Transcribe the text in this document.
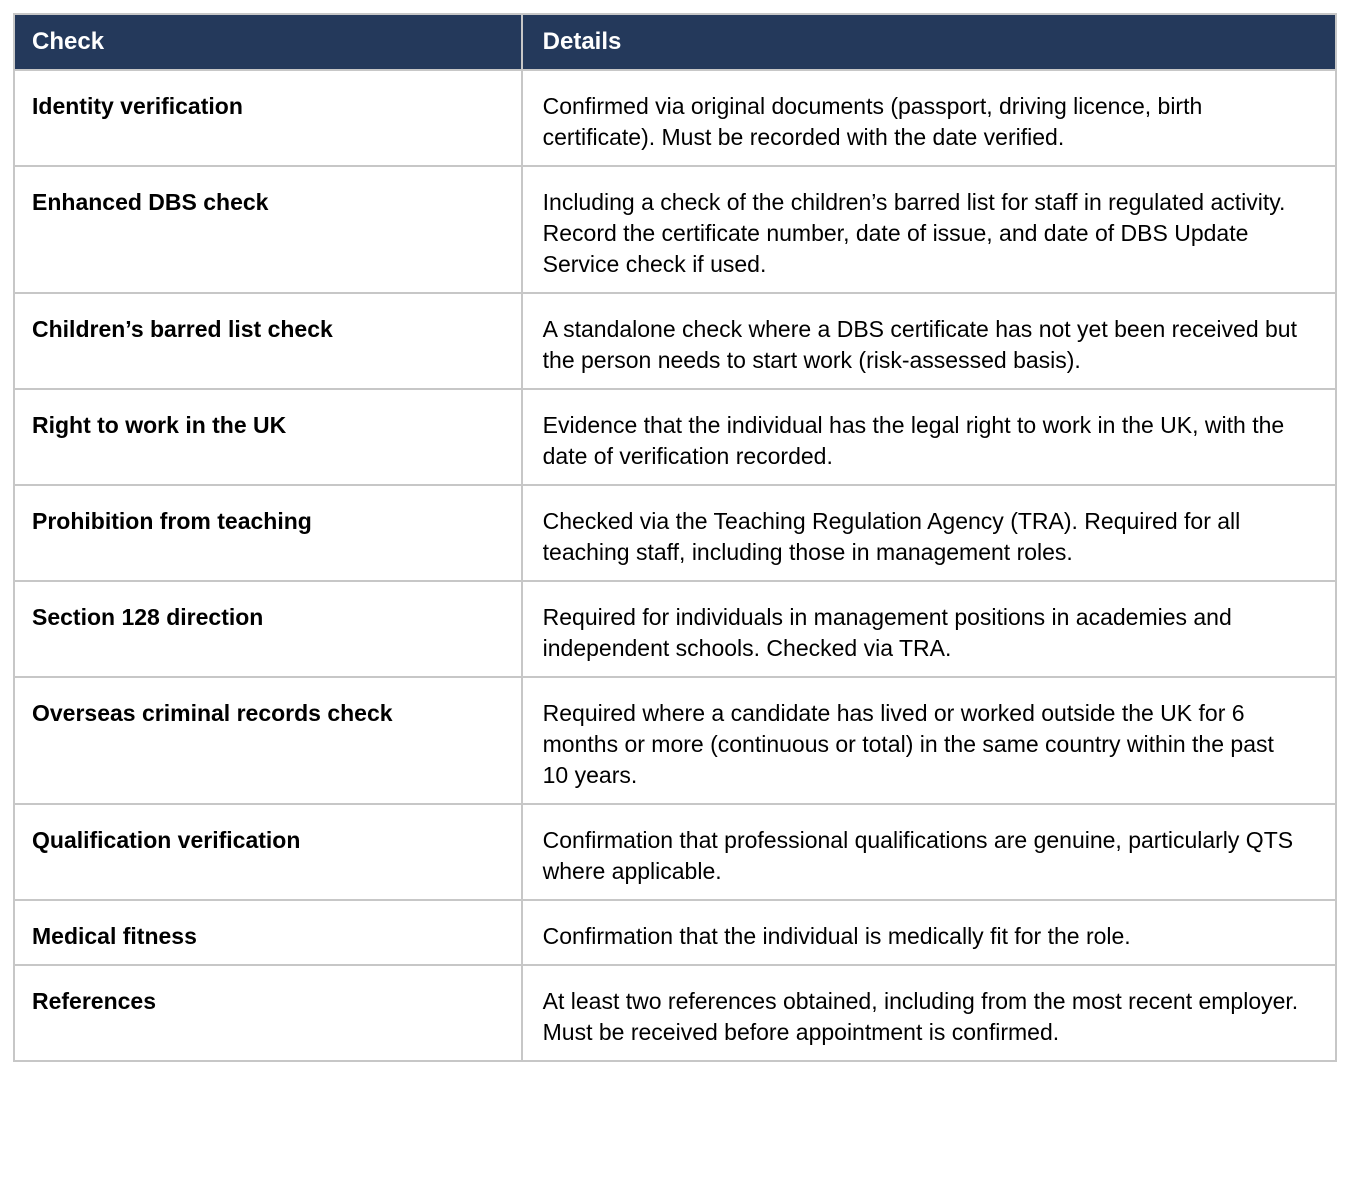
Check	Details
Identity verification	Confirmed via original documents (passport, driving licence, birth certificate). Must be recorded with the date verified.
Enhanced DBS check	Including a check of the children’s barred list for staff in regulated activity. Record the certificate number, date of issue, and date of DBS Update Service check if used.
Children’s barred list check	A standalone check where a DBS certificate has not yet been received but the person needs to start work (risk-assessed basis).
Right to work in the UK	Evidence that the individual has the legal right to work in the UK, with the date of verification recorded.
Prohibition from teaching	Checked via the Teaching Regulation Agency (TRA). Required for all teaching staff, including those in management roles.
Section 128 direction	Required for individuals in management positions in academies and independent schools. Checked via TRA.
Overseas criminal records check	Required where a candidate has lived or worked outside the UK for 6 months or more (continuous or total) in the same country within the past 10 years.
Qualification verification	Confirmation that professional qualifications are genuine, particularly QTS where applicable.
Medical fitness	Confirmation that the individual is medically fit for the role.
References	At least two references obtained, including from the most recent employer. Must be received before appointment is confirmed.
